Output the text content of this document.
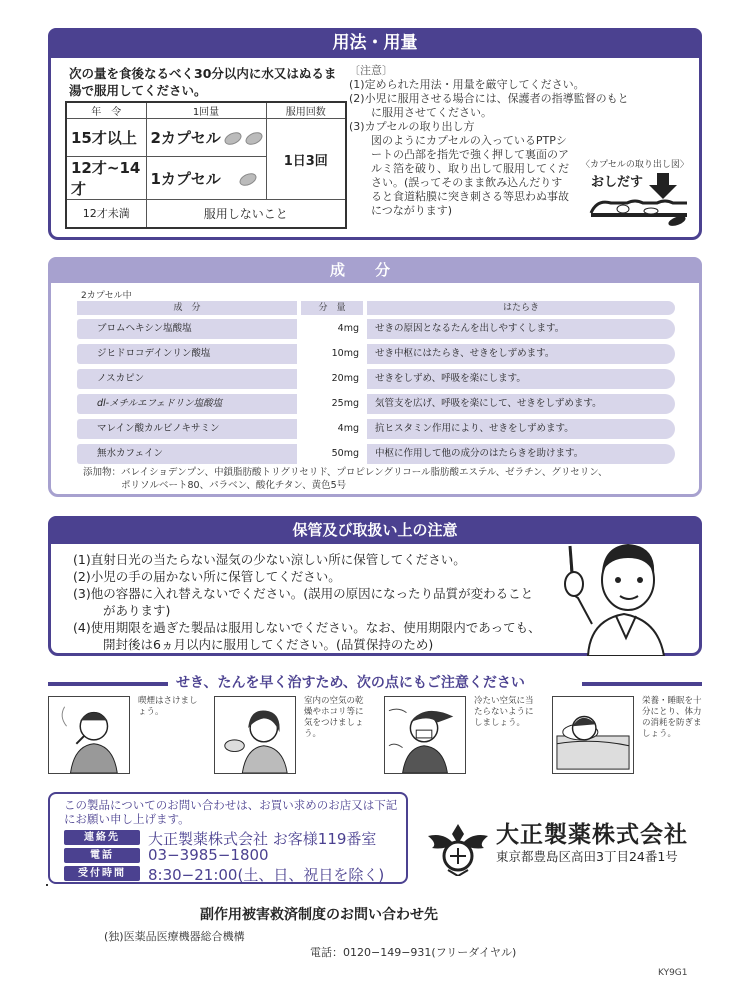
用法・用量
次の量を食後なるべく30分以内に水又はぬるま湯で服用してください。
年　令	1回量	服用回数
15才以上	2カプセル	1日3回
12才~14才	1カプセル	
12才未満	服用しないこと	
〔注意〕
(1)定められた用法・用量を厳守してください。
(2)小児に服用させる場合には、保護者の指導監督のもとに服用させてください。
(3)カプセルの取り出し方
図のようにカプセルの入っているPTPシートの凸部を指先で強く押して裏面のアルミ箔を破り、取り出して服用してください。(誤ってそのまま飲み込んだりすると食道粘膜に突き刺さる等思わぬ事故につながります)
〈カプセルの取り出し図〉
おしだす
成分
2カプセル中
成　分	分　量	はたらき
ブロムヘキシン塩酸塩	4mg	せきの原因となるたんを出しやすくします。
ジヒドロコデインリン酸塩	10mg	せき中枢にはたらき、せきをしずめます。
ノスカピン	20mg	せきをしずめ、呼吸を楽にします。
dl-メチルエフェドリン塩酸塩	25mg	気管支を広げ、呼吸を楽にして、せきをしずめます。
マレイン酸カルビノキサミン	4mg	抗ヒスタミン作用により、せきをしずめます。
無水カフェイン	50mg	中枢に作用して他の成分のはたらきを助けます。
添加物：バレイショデンプン、中鎖脂肪酸トリグリセリド、プロピレングリコール脂肪酸エステル、ゼラチン、グリセリン、
ポリソルベート80、パラベン、酸化チタン、黄色5号
保管及び取扱い上の注意
(1)直射日光の当たらない湿気の少ない涼しい所に保管してください。
(2)小児の手の届かない所に保管してください。
(3)他の容器に入れ替えないでください。(誤用の原因になったり品質が変わることがあります)
(4)使用期限を過ぎた製品は服用しないでください。なお、使用期限内であっても、開封後は6ヵ月以内に服用してください。(品質保持のため)
せき、たんを早く治すため、次の点にもご注意ください
喫煙はさけましょう。
室内の空気の乾燥やホコリ等に気をつけましょう。
冷たい空気に当たらないようにしましょう。
栄養・睡眠を十分にとり、体力の消耗を防ぎましょう。
この製品についてのお問い合わせは、お買い求めのお店又は下記にお願い申し上げます。
連絡先	大正製薬株式会社 お客様119番室
電話	03−3985−1800
受付時間	8:30−21:00(土、日、祝日を除く)
大正製薬株式会社
東京都豊島区高田3丁目24番1号
副作用被害救済制度のお問い合わせ先
(独)医薬品医療機器総合機構
電話：0120−149−931(フリーダイヤル)
KY9G1
